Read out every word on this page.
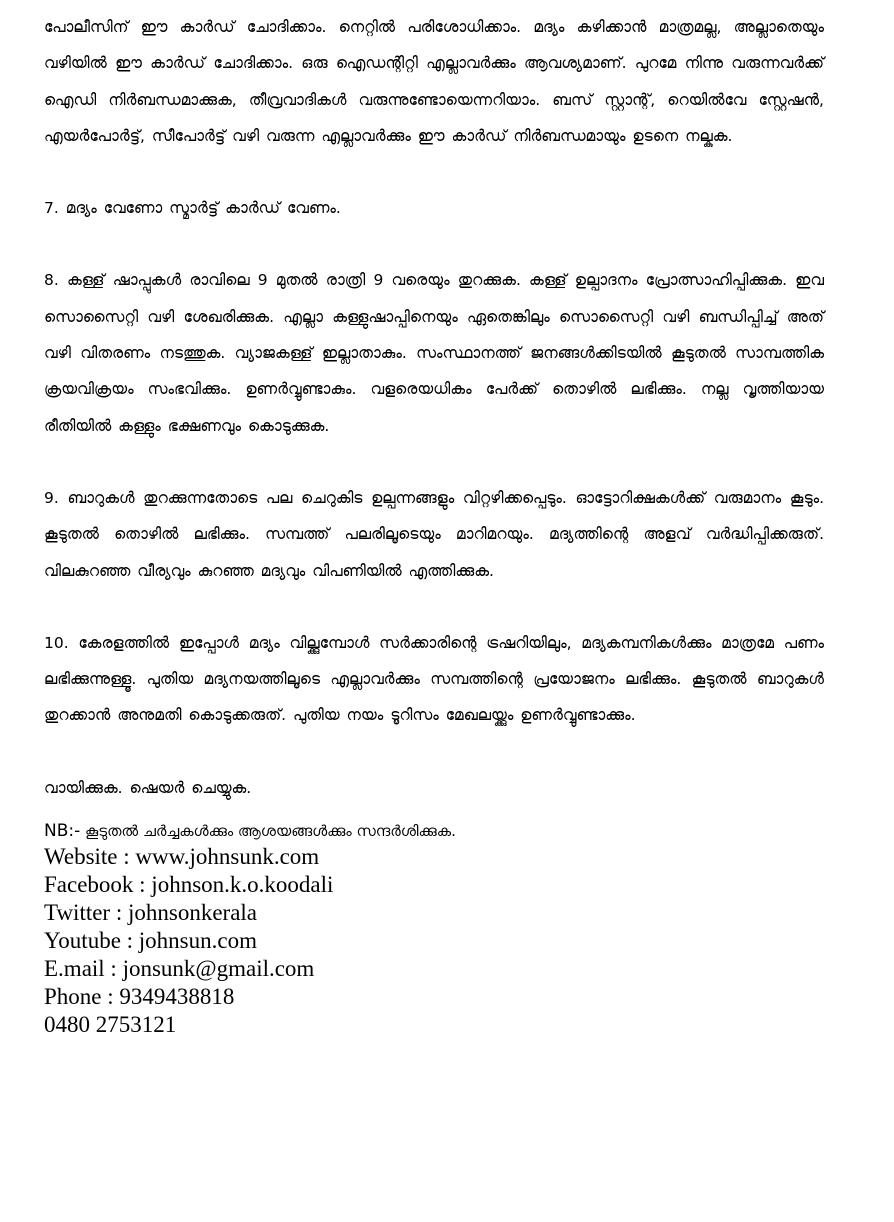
പോലീസിന് ഈ കാർഡ് ചോദിക്കാം. നെറ്റിൽ പരിശോധിക്കാം. മദ്യം കഴിക്കാൻ മാത്രമല്ല, അല്ലാതെയും വഴിയിൽ ഈ കാർഡ് ചോദിക്കാം. ഒരു ഐഡന്റിറ്റി എല്ലാവർക്കും ആവശ്യമാണ്. പുറമേ നിന്നു വരുന്നവർക്ക് ഐഡി നിർബന്ധമാക്കുക, തീവ്രവാദികൾ വരുന്നുണ്ടോയെന്നറിയാം. ബസ് സ്റ്റാന്റ്, റെയിൽവേ സ്റ്റേഷൻ, എയർപോർട്ട്, സീപോർട്ട് വഴി വരുന്ന എല്ലാവർക്കും ഈ കാർഡ് നിർബന്ധമായും ഉടനെ നല്കുക.

7. മദ്യം വേണോ സ്മാർട്ട് കാർഡ് വേണം.

8. കള്ള് ഷാപ്പുകൾ രാവിലെ 9 മുതൽ രാത്രി 9 വരെയും തുറക്കുക. കള്ള് ഉല്പാദനം പ്രോത്സാഹിപ്പിക്കുക. ഇവ സൊസൈറ്റി വഴി ശേഖരിക്കുക. എല്ലാ കള്ളുഷാപ്പിനെയും ഏതെങ്കിലും സൊസൈറ്റി വഴി ബന്ധിപ്പിച്ച് അത് വഴി വിതരണം നടത്തുക. വ്യാജകള്ള് ഇല്ലാതാകും. സംസ്ഥാനത്ത് ജനങ്ങൾക്കിടയിൽ കൂടുതൽ സാമ്പത്തിക ക്രയവിക്രയം സംഭവിക്കും. ഉണർവ്വുണ്ടാകും. വളരെയധികം പേർക്ക് തൊഴിൽ ലഭിക്കും. നല്ല വൃത്തിയായ രീതിയിൽ കള്ളും ഭക്ഷണവും കൊടുക്കുക.

9. ബാറുകൾ തുറക്കുന്നതോടെ പല ചെറുകിട ഉല്പന്നങ്ങളും വിറ്റഴിക്കപ്പെടും. ഓട്ടോറിക്ഷകൾക്ക് വരുമാനം കൂടും. കൂടുതൽ തൊഴിൽ ലഭിക്കും. സമ്പത്ത് പലരിലൂടെയും മാറിമറയും. മദ്യത്തിന്റെ അളവ് വർദ്ധിപ്പിക്കരുത്. വിലകുറഞ്ഞ വീര്യവും കുറഞ്ഞ മദ്യവും വിപണിയിൽ എത്തിക്കുക.

10. കേരളത്തിൽ ഇപ്പോൾ മദ്യം വില്ക്കുമ്പോൾ സർക്കാരിന്റെ ട്രഷറിയിലും, മദ്യകമ്പനികൾക്കും മാത്രമേ പണം ലഭിക്കുന്നുള്ളൂ. പുതിയ മദ്യനയത്തിലൂടെ എല്ലാവർക്കും സമ്പത്തിന്റെ പ്രയോജനം ലഭിക്കും. കൂടുതൽ ബാറുകൾ തുറക്കാൻ അനുമതി കൊടുക്കരുത്. പുതിയ നയം ടൂറിസം മേഖലയ്ക്കും ഉണർവ്വുണ്ടാക്കും.

വായിക്കുക. ഷെയർ ചെയ്യുക.

NB:- കൂടുതൽ ചർച്ചകൾക്കും ആശയങ്ങൾക്കും സന്ദർശിക്കുക.

Website : www.johnsunk.com

Facebook : johnson.k.o.koodali

Twitter : johnsonkerala

Youtube : johnsun.com

E.mail : jonsunk@gmail.com

Phone : 9349438818

0480 2753121
